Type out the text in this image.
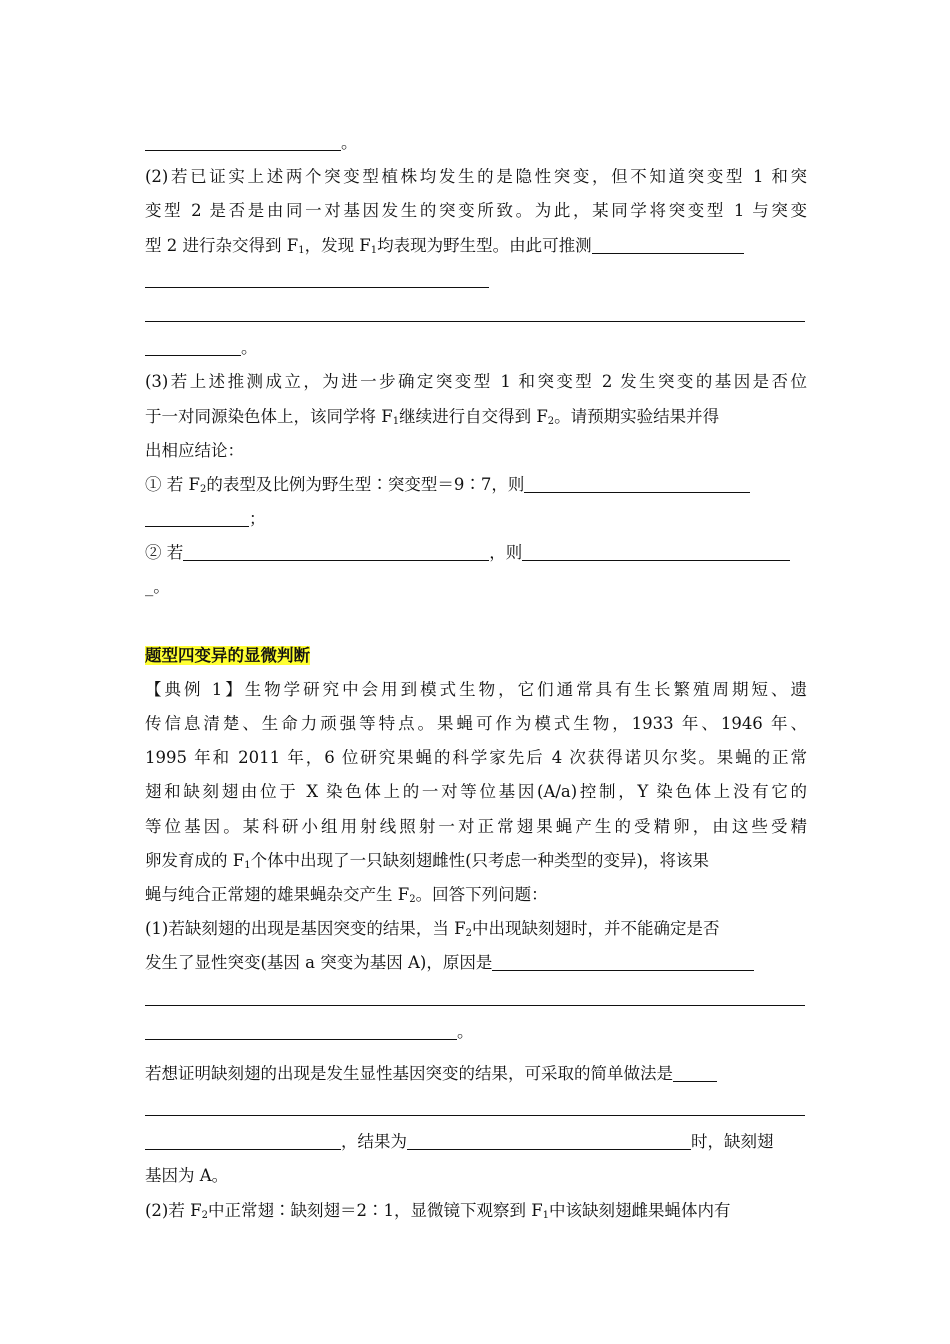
。
(2)若已证实上述两个突变型植株均发生的是隐性突变，但不知道突变型 1 和突
变型 2 是否是由同一对基因发生的突变所致。为此，某同学将突变型 1 与突变
型 2 进行杂交得到 $F_1$，发现 $F_1$均表现为野生型。由此可推测
。
(3)若上述推测成立，为进一步确定突变型 1 和突变型 2 发生突变的基因是否位
于一对同源染色体上，该同学将 $F_1$继续进行自交得到 $F_2$。请预期实验结果并得
出相应结论：
① 若 $F_2$的表型及比例为野生型∶突变型＝9∶7，则
；
② 若	，则
_。
题型四变异的显微判断
【典例 1】生物学研究中会用到模式生物，它们通常具有生长繁殖周期短、遗
传信息清楚、生命力顽强等特点。果蝇可作为模式生物，1933 年、1946 年、
1995 年和 2011 年，6 位研究果蝇的科学家先后 4 次获得诺贝尔奖。果蝇的正常
翅和缺刻翅由位于 X 染色体上的一对等位基因(A/a)控制，Y 染色体上没有它的
等位基因。某科研小组用射线照射一对正常翅果蝇产生的受精卵，由这些受精
卵发育成的 $F_1$个体中出现了一只缺刻翅雌性(只考虑一种类型的变异)，将该果
蝇与纯合正常翅的雄果蝇杂交产生 $F_2$。回答下列问题：
(1)若缺刻翅的出现是基因突变的结果，当 $F_2$中出现缺刻翅时，并不能确定是否
发生了显性突变(基因 a 突变为基因 A)，原因是
。
若想证明缺刻翅的出现是发生显性基因突变的结果，可采取的简单做法是
，结果为	时，缺刻翅
基因为 A。
(2)若 $F_2$中正常翅∶缺刻翅＝2∶1，显微镜下观察到 $F_1$中该缺刻翅雌果蝇体内有
